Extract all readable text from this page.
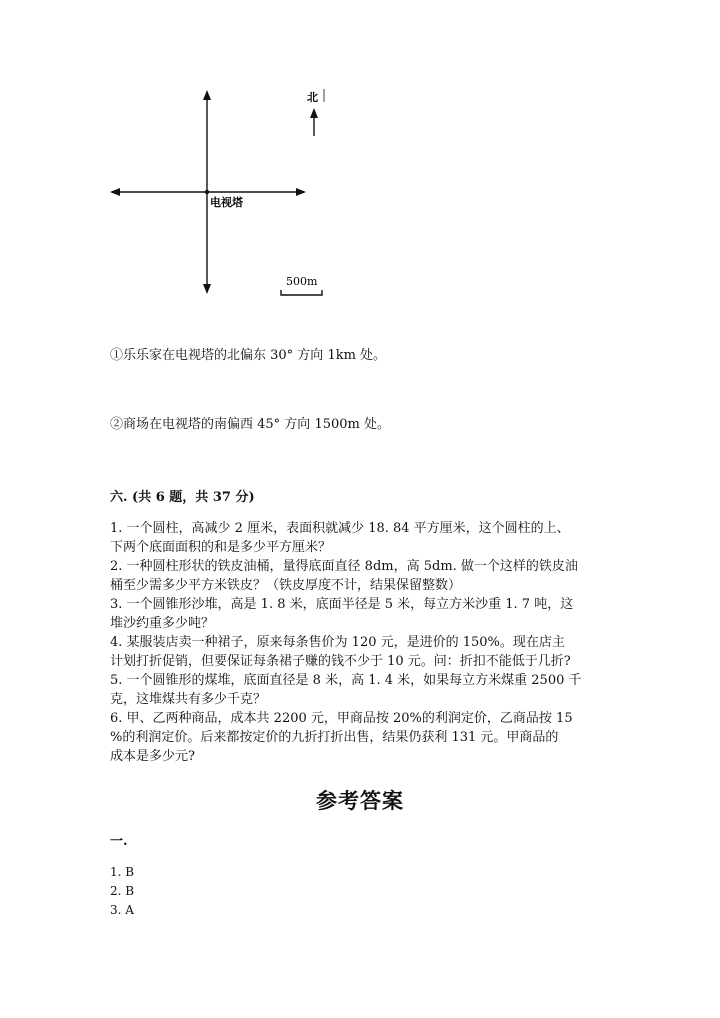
电视塔
北
500m
①乐乐家在电视塔的北偏东 30° 方向 1km 处。
②商场在电视塔的南偏西 45° 方向 1500m 处。
六. (共 6 题，共 37 分)
1. 一个圆柱，高减少 2 厘米，表面积就减少 18. 84 平方厘米，这个圆柱的上、
下两个底面面积的和是多少平方厘米？
2. 一种圆柱形状的铁皮油桶，量得底面直径 8dm，高 5dm. 做一个这样的铁皮油
桶至少需多少平方米铁皮？（铁皮厚度不计，结果保留整数）
3. 一个圆锥形沙堆，高是 1. 8 米，底面半径是 5 米，每立方米沙重 1. 7 吨，这
堆沙约重多少吨？
4. 某服装店卖一种裙子，原来每条售价为 120 元，是进价的 150%。现在店主
计划打折促销，但要保证每条裙子赚的钱不少于 10 元。问：折扣不能低于几折?
5. 一个圆锥形的煤堆，底面直径是 8 米，高 1. 4 米，如果每立方米煤重 2500 千
克，这堆煤共有多少千克？
6. 甲、乙两种商品，成本共 2200 元，甲商品按 20%的利润定价，乙商品按 15
%的利润定价。后来都按定价的九折打折出售，结果仍获利 131 元。甲商品的
成本是多少元?
参考答案
一.
1. B
2. B
3. A
